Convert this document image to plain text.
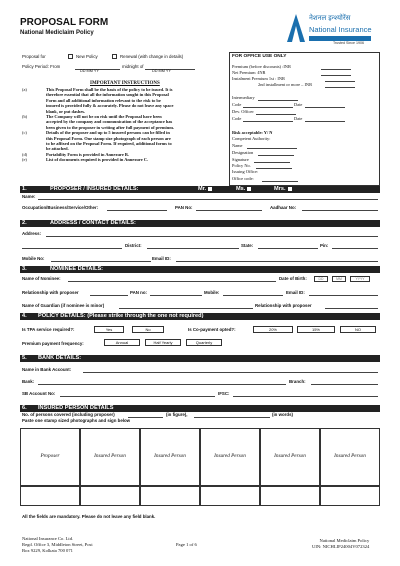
PROPOSAL FORM
National Mediclaim Policy
नेशनल इन्श्योरेंस
National Insurance
Trusted Since 1906
Proposal for	New Policy	Renewal (with change in details)
Policy Period: From	midnight of
DD MM YY	DD MM YY
IMPORTANT INSTRUCTIONS
(a)	This Proposal Form shall be the basis of the policy to be issued. It is
therefore essential that all the information sought in this Proposal
Form and all additional information relevant to the risk to be
insured is provided fully & accurately. Please do not leave any space
blank, or put dashes.
(b)	The Company will not be on risk until the Proposal have been
accepted by the company and communication of the acceptance has
been given to the proposer in writing after full payment of premium.
(c)	Details of the proposer and up to 5 insured persons can be filled in
this Proposal Form. One stamp size photograph of each person are
to be affixed on the Proposal Form. If required, additional forms to
be attached.
(d)	Portability Form is provided in Annexure B.
(e)	List of documents required is provided in Annexure C.
FOR OFFICE USE ONLY
Premium (before discounts) :INR
Net Premium :INR
Instalment Premium 1st : INR
2nd installment or more – INR
Intermediary
Code	Date
Dev. Officer
Code	Date
Risk acceptable: Y/ N
Competent Authority:
Name
Designation
Signature
Policy No.
Issuing Office:
Office code:
1.	PROPOSER / INSURED DETAILS:	Mr.	Ms.	Mrs.
Name:
Occupation/Business/Service/Other:	PAN No:	Aadhaar No:
2.	ADDRESS / CONTACT DETAILS:
Address:
District:	State:	Pin:
Mobile No:	Email ID:
3.	NOMINEE DETAILS:
Name of Nominee:	Date of Birth:	DD	MM	YYYY
Relationship with proposer	PAN no:	Mobile:	Email ID:
Name of Guardian (if nominee is minor)	Relationship with proposer
4. POLICY DETAILS: (Please strike through the one not required)
Is TPA service required?:	Yes	No	Is Co-payment opted?:	20%	15%	NO
Premium payment frequency:	Annual	Half Yearly	Quarterly
5. BANK DETAILS:
Name in Bank Account:
Bank:	Branch:
SB Account No:	IFSC:
6. INSURED PERSON DETAILS
No. of persons covered (including proposer)	(in figure),	(in words)
Paste one stamp sized photographs and sign below
Proposer	Insured Person	Insured Person	Insured Person	Insured Person	Insured Person
All the fields are mandatory. Please do not leave any field blank.
National Insurance Co. Ltd.
Regd. Office 3, Middleton Street, Post
Box 9229, Kolkata 700 071
Page 1 of 6
National Mediclaim Policy
UIN: NICHLIP24004V072324
